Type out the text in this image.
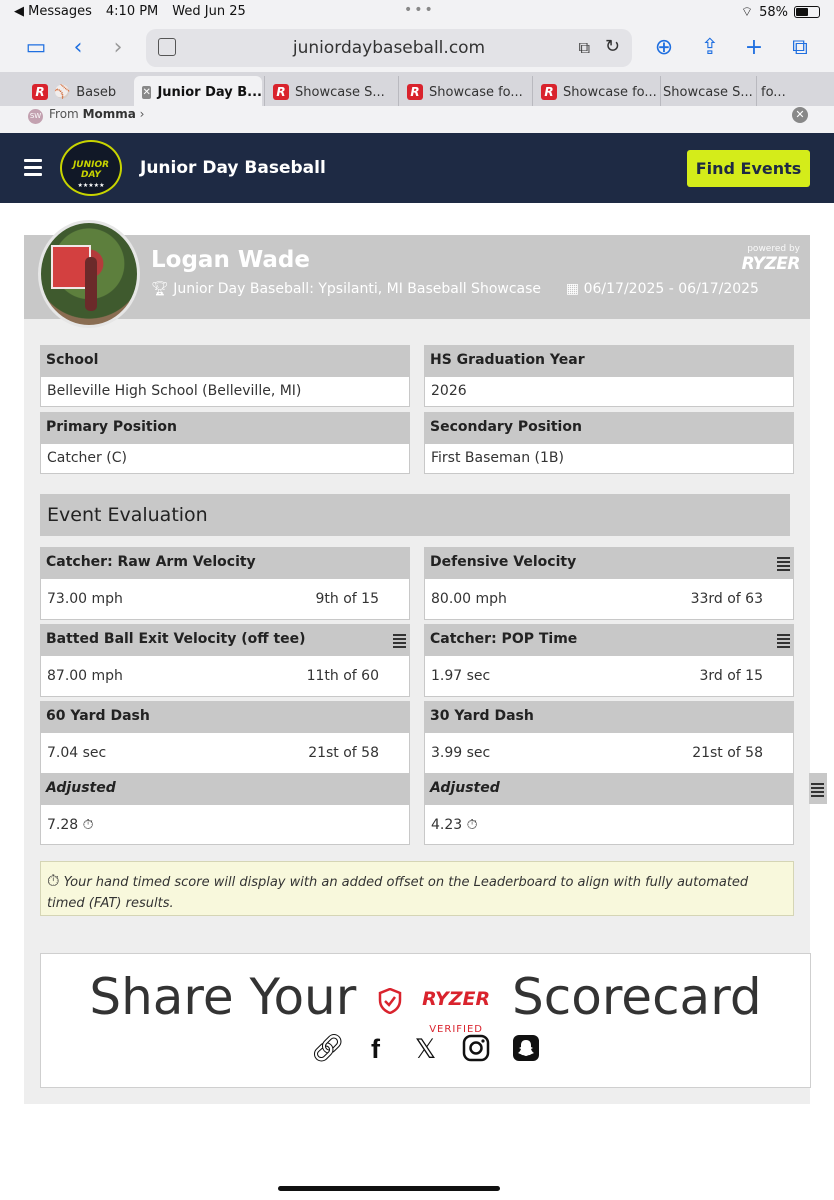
◀ Messages 4:10 PM Wed Jun 25	•••	⌔ 58%
▭	‹	›	juniordaybaseball.com	⧉ ↻ ⊕ ⇪ + ⧉
R ⚾ Baseb	✕ Junior Day B... R Showcase S... R Showcase fo... R Showcase fo... Showcase S... fo...
SW From Momma ›	✕
JUNIOR DAY
★★★★★
Junior Day Baseball	Find Events
Logan Wade
🏆︎ Junior Day Baseball: Ypsilanti, MI Baseball Showcase ▦ 06/17/2025 - 06/17/2025
powered by
RYZER
School
Belleville High School (Belleville, MI)
HS Graduation Year
2026
Primary Position
Catcher (C)
Secondary Position
First Baseman (1B)
Event Evaluation
Catcher: Raw Arm Velocity
73.00 mph	9th of 15
Defensive Velocity
80.00 mph	33rd of 63
Batted Ball Exit Velocity (off tee)
87.00 mph	11th of 60
Catcher: POP Time
1.97 sec	3rd of 15
60 Yard Dash
7.04 sec	21st of 58
30 Yard Dash
3.99 sec	21st of 58
Adjusted
7.28 ⏱︎
Adjusted
4.23 ⏱︎
⏱︎ Your hand timed score will display with an added offset on the Leaderboard to align with fully automated timed (FAT) results.
Share Your	RYZER
VERIFIED
Scorecard
🔗︎ f	𝕏
